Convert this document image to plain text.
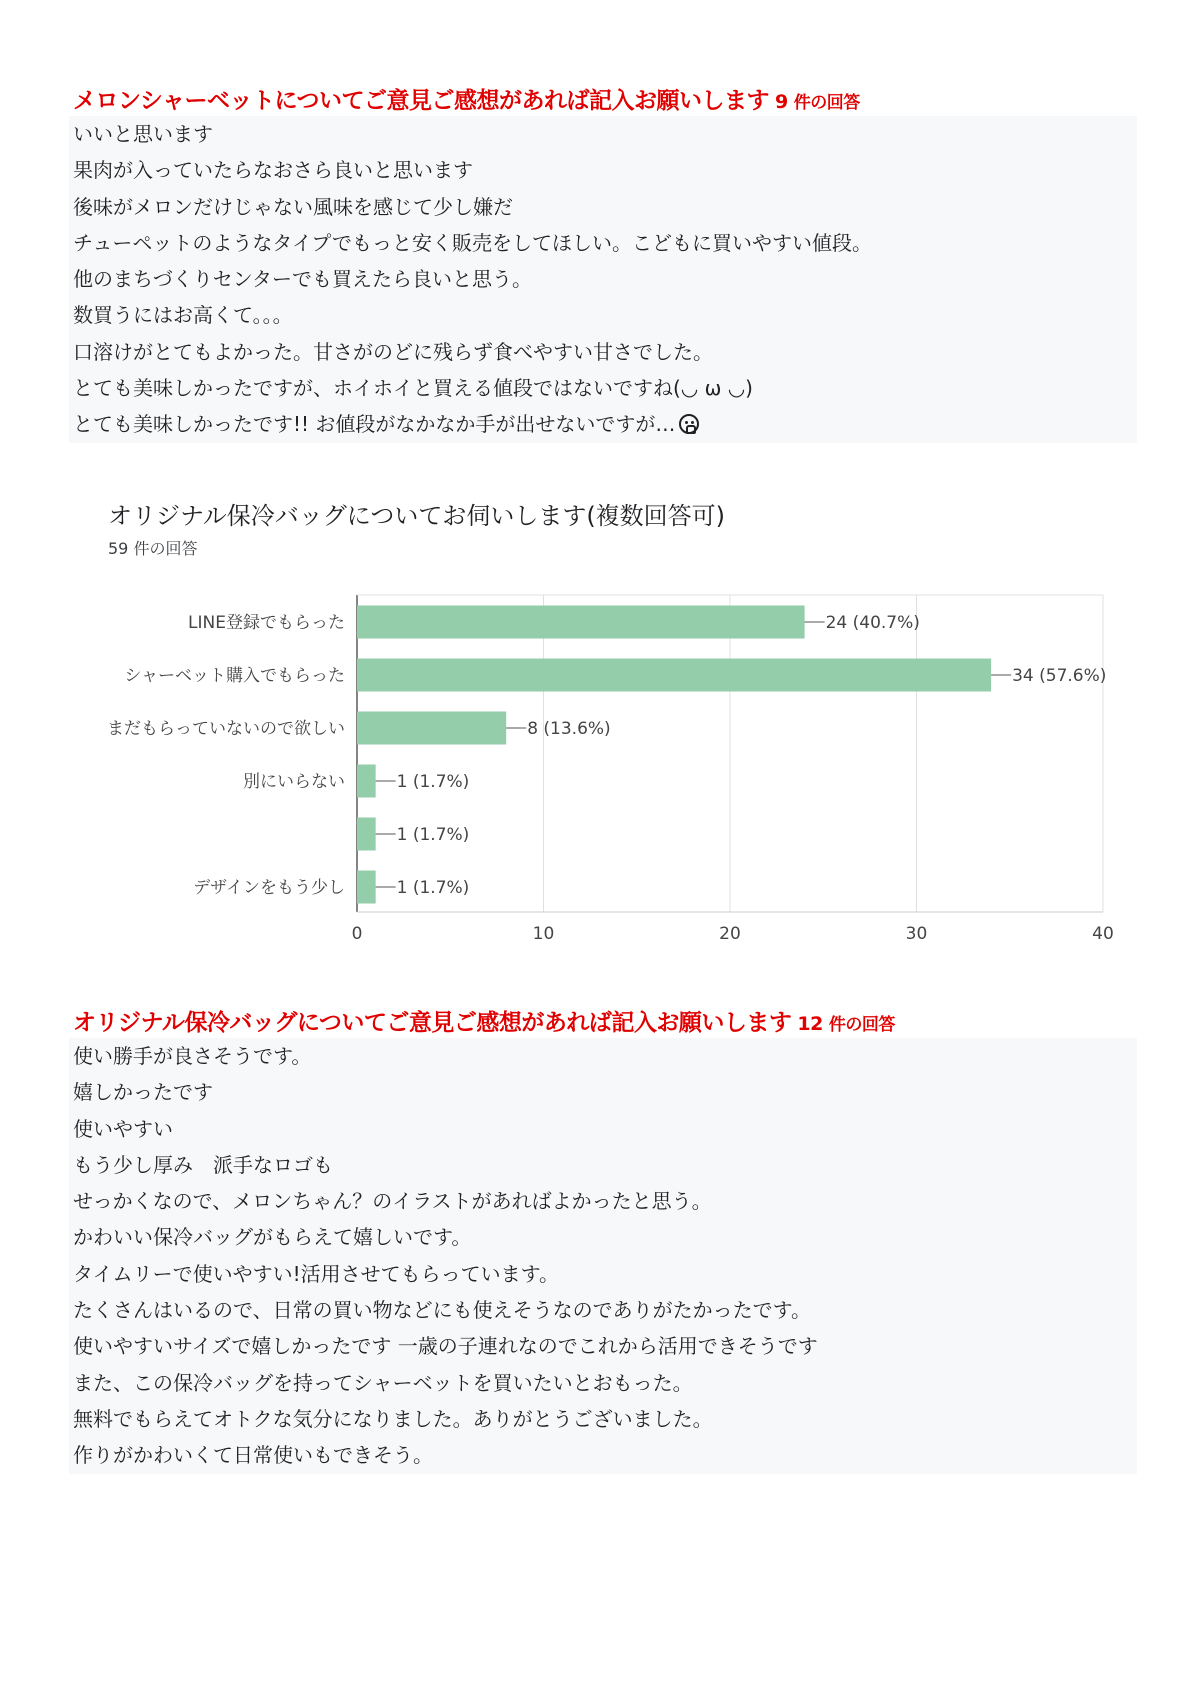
メロンシャーベットについてご意見ご感想があれば記入お願いします 9 件の回答
いいと思います
果肉が入っていたらなおさら良いと思います
後味がメロンだけじゃない風味を感じて少し嫌だ
チューペットのようなタイプでもっと安く販売をしてほしい。こどもに買いやすい値段。
他のまちづくりセンターでも買えたら良いと思う。
数買うにはお高くて。。。
口溶けがとてもよかった。甘さがのどに残らず食べやすい甘さでした。
とても美味しかったですが、ホイホイと買える値段ではないですね(◡ ω ◡)
とても美味しかったです!! お値段がなかなか手が出せないですが…
オリジナル保冷バッグについてお伺いします(複数回答可)
59 件の回答
0	10	20	30	40
24 (40.7%)
LINE登録でもらった
34 (57.6%)
シャーベット購入でもらった
8 (13.6%)
まだもらっていないので欲しい
1 (1.7%)
別にいらない
1 (1.7%)
1 (1.7%)
デザインをもう少し
オリジナル保冷バッグについてご意見ご感想があれば記入お願いします 12 件の回答
使い勝手が良さそうです。
嬉しかったです
使いやすい
もう少し厚み　派手なロゴも
せっかくなので、メロンちゃん？のイラストがあればよかったと思う。
かわいい保冷バッグがもらえて嬉しいです。
タイムリーで使いやすい!活用させてもらっています。
たくさんはいるので、日常の買い物などにも使えそうなのでありがたかったです。
使いやすいサイズで嬉しかったです 一歳の子連れなのでこれから活用できそうです
また、この保冷バッグを持ってシャーベットを買いたいとおもった。
無料でもらえてオトクな気分になりました。ありがとうございました。
作りがかわいくて日常使いもできそう。
